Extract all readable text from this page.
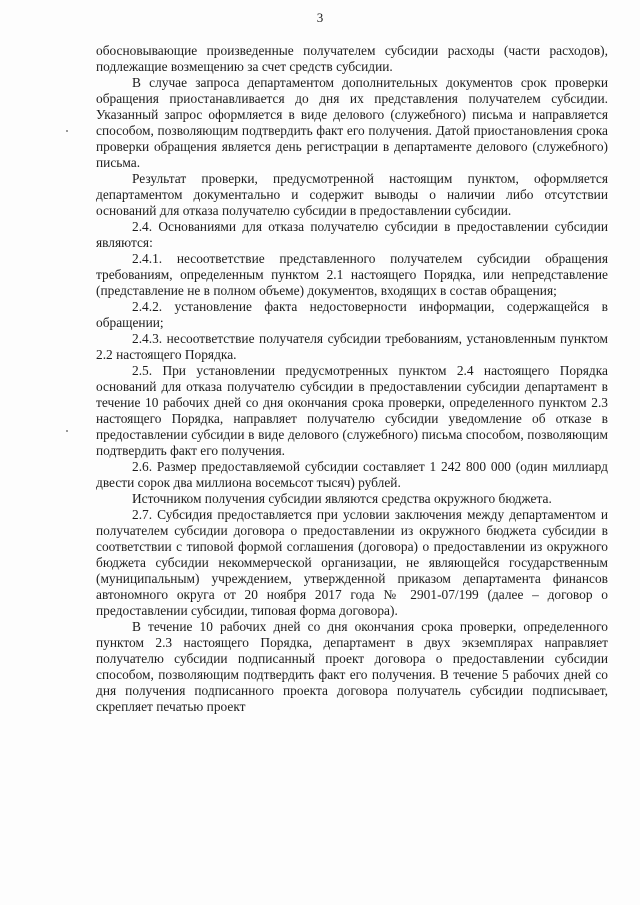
3

обосновывающие произведенные получателем субсидии расходы (части расходов), подлежащие возмещению за счет средств субсидии.

В случае запроса департаментом дополнительных документов срок проверки обращения приостанавливается до дня их представления получателем субсидии. Указанный запрос оформляется в виде делового (служебного) письма и направляется способом, позволяющим подтвердить факт его получения. Датой приостановления срока проверки обращения является день регистрации в департаменте делового (служебного) письма.

Результат проверки, предусмотренной настоящим пунктом, оформляется департаментом документально и содержит выводы о наличии либо отсутствии оснований для отказа получателю субсидии в предоставлении субсидии.

2.4. Основаниями для отказа получателю субсидии в предоставлении субсидии являются:

2.4.1. несоответствие представленного получателем субсидии обращения требованиям, определенным пунктом 2.1 настоящего Порядка, или непредставление (представление не в полном объеме) документов, входящих в состав обращения;

2.4.2. установление факта недостоверности информации, содержащейся в обращении;

2.4.3. несоответствие получателя субсидии требованиям, установленным пунктом 2.2 настоящего Порядка.

2.5. При установлении предусмотренных пунктом 2.4 настоящего Порядка оснований для отказа получателю субсидии в предоставлении субсидии департамент в течение 10 рабочих дней со дня окончания срока проверки, определенного пунктом 2.3 настоящего Порядка, направляет получателю субсидии уведомление об отказе в предоставлении субсидии в виде делового (служебного) письма способом, позволяющим подтвердить факт его получения.

2.6. Размер предоставляемой субсидии составляет 1 242 800 000 (один миллиард двести сорок два миллиона восемьсот тысяч) рублей.

Источником получения субсидии являются средства окружного бюджета.

2.7. Субсидия предоставляется при условии заключения между департаментом и получателем субсидии договора о предоставлении из окружного бюджета субсидии в соответствии с типовой формой соглашения (договора) о предоставлении из окружного бюджета субсидии некоммерческой организации, не являющейся государственным (муниципальным) учреждением, утвержденной приказом департамента финансов автономного округа от 20 ноября 2017 года № 2901-07/199 (далее – договор о предоставлении субсидии, типовая форма договора).

В течение 10 рабочих дней со дня окончания срока проверки, определенного пунктом 2.3 настоящего Порядка, департамент в двух экземплярах направляет получателю субсидии подписанный проект договора о предоставлении субсидии способом, позволяющим подтвердить факт его получения. В течение 5 рабочих дней со дня получения подписанного проекта договора получатель субсидии подписывает, скрепляет печатью проект
